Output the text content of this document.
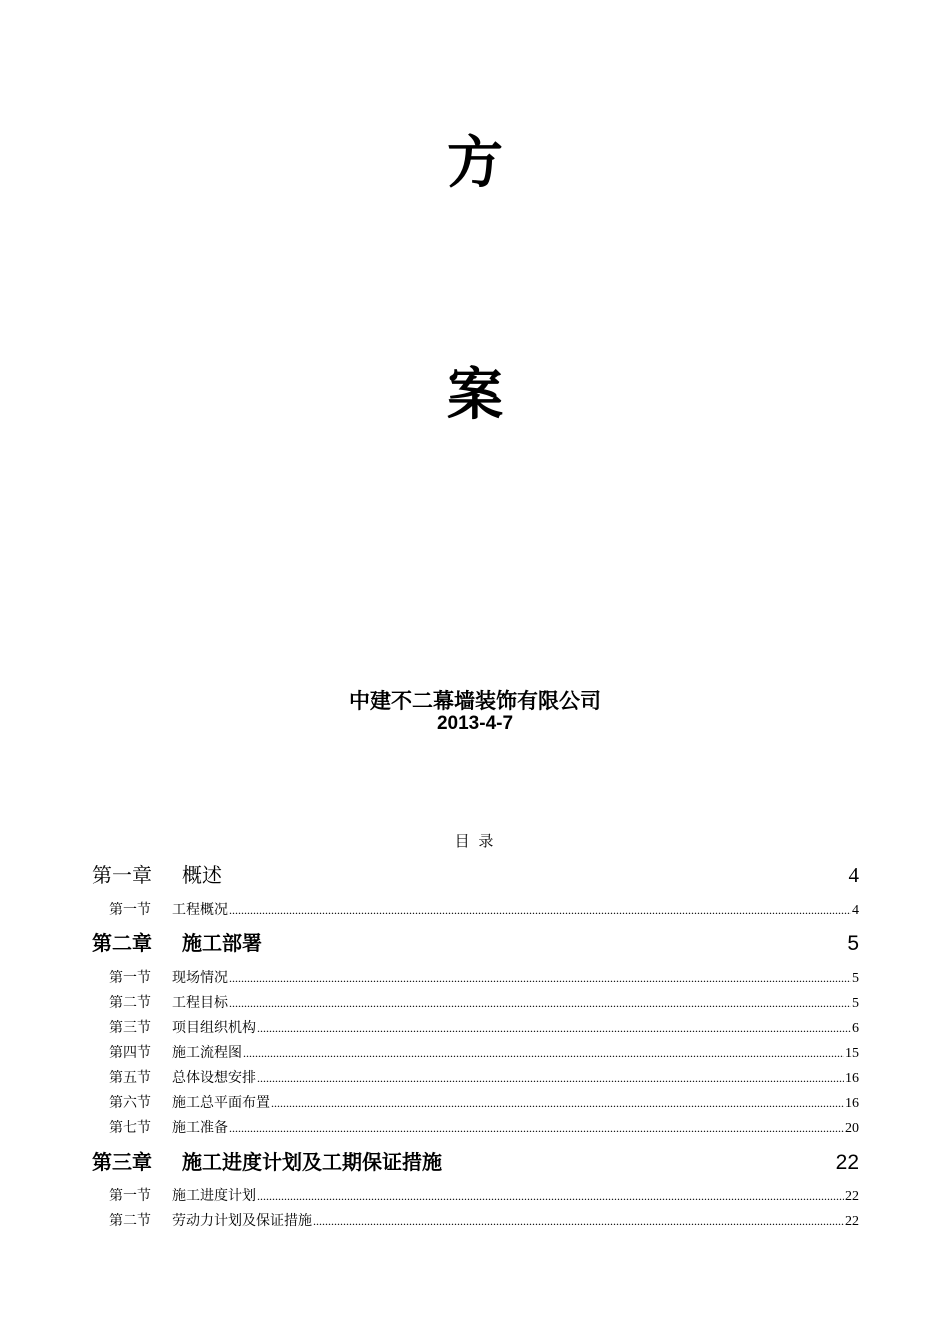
方
案
中建不二幕墙装饰有限公司
2013-4-7
目 录
第一章	概述	4
第一节	工程概况 .....	4
第二章	施工部署	5
第一节	现场情况 .....	5
第二节	工程目标 .....	5
第三节	项目组织机构 .....	6
第四节	施工流程图 .....	15
第五节	总体设想安排 .....	16
第六节	施工总平面布置 .....	16
第七节	施工准备 .....	20
第三章	施工进度计划及工期保证措施	22
第一节	施工进度计划 .....	22
第二节	劳动力计划及保证措施 .....	22
